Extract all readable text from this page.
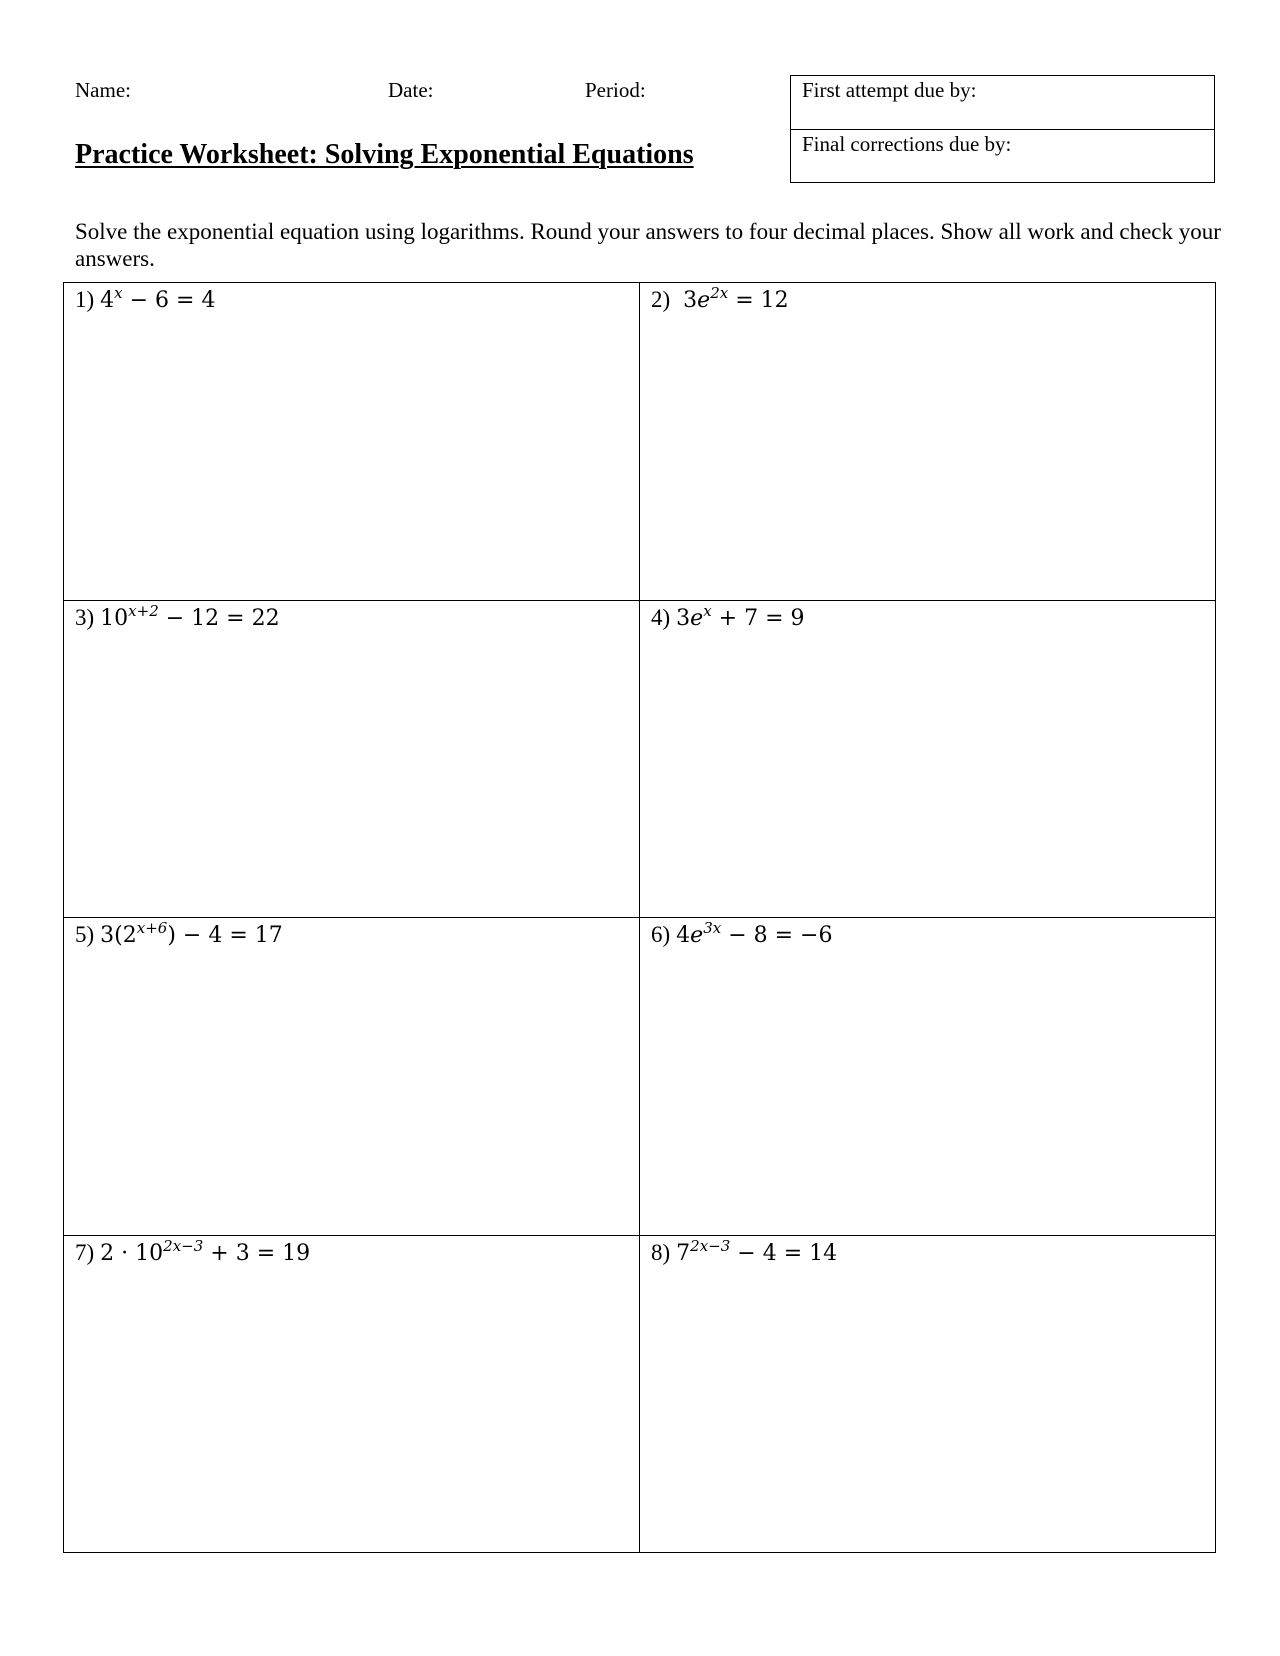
Name:	Date:	Period:	First attempt due by:
Final corrections due by:
Practice Worksheet: Solving Exponential Equations
Solve the exponential equation using logarithms. Round your answers to four decimal places. Show all work and check your answers.
1) $4^x - 6 = 4$	2) $3e^{2x} = 12$
3) $10^{x+2} - 12 = 22$	4) $3e^x + 7 = 9$
5) $3(2^{x+6}) - 4 = 17$	6) $4e^{3x} - 8 = -6$
7) $2 \cdot 10^{2x-3} + 3 = 19$	8) $7^{2x-3} - 4 = 14$
